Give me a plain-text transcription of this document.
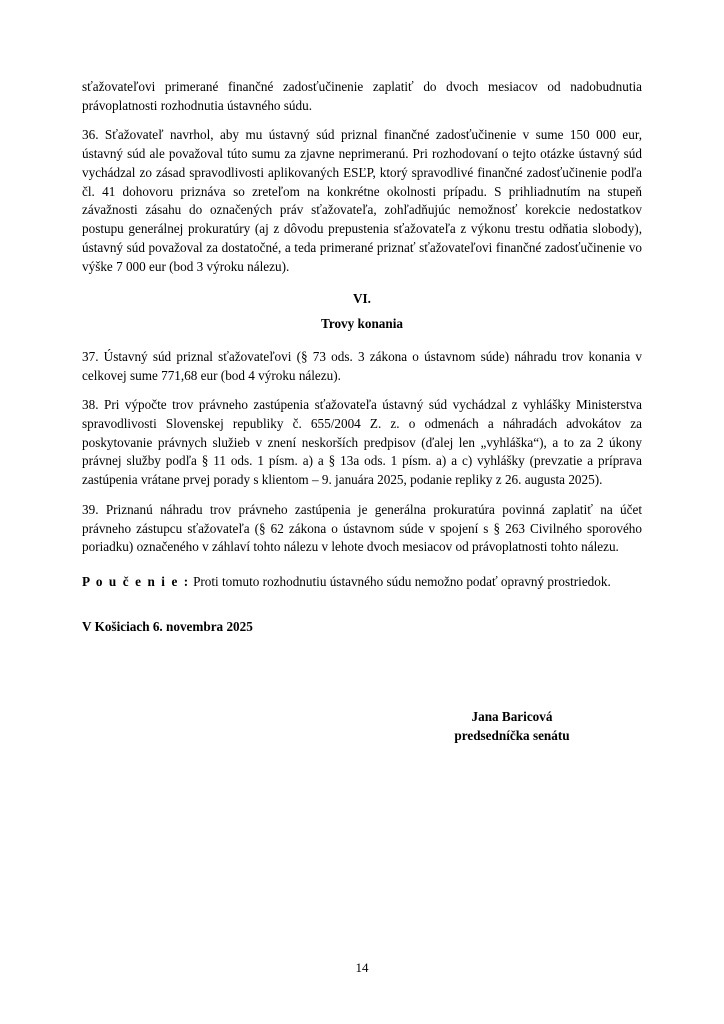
sťažovateľovi primerané finančné zadosťučinenie zaplatiť do dvoch mesiacov od nadobudnutia právoplatnosti rozhodnutia ústavného súdu.

36. Sťažovateľ navrhol, aby mu ústavný súd priznal finančné zadosťučinenie v sume 150 000 eur, ústavný súd ale považoval túto sumu za zjavne neprimeranú. Pri rozhodovaní o tejto otázke ústavný súd vychádzal zo zásad spravodlivosti aplikovaných ESĽP, ktorý spravodlivé finančné zadosťučinenie podľa čl. 41 dohovoru priznáva so zreteľom na konkrétne okolnosti prípadu. S prihliadnutím na stupeň závažnosti zásahu do označených práv sťažovateľa, zohľadňujúc nemožnosť korekcie nedostatkov postupu generálnej prokuratúry (aj z dôvodu prepustenia sťažovateľa z výkonu trestu odňatia slobody), ústavný súd považoval za dostatočné, a teda primerané priznať sťažovateľovi finančné zadosťučinenie vo výške 7 000 eur (bod 3 výroku nálezu).

VI.

Trovy konania

37. Ústavný súd priznal sťažovateľovi (§ 73 ods. 3 zákona o ústavnom súde) náhradu trov konania v celkovej sume 771,68 eur (bod 4 výroku nálezu).

38. Pri výpočte trov právneho zastúpenia sťažovateľa ústavný súd vychádzal z vyhlášky Ministerstva spravodlivosti Slovenskej republiky č. 655/2004 Z. z. o odmenách a náhradách advokátov za poskytovanie právnych služieb v znení neskorších predpisov (ďalej len „vyhláška“), a to za 2 úkony právnej služby podľa § 11 ods. 1 písm. a) a § 13a ods. 1 písm. a) a c) vyhlášky (prevzatie a príprava zastúpenia vrátane prvej porady s klientom – 9. januára 2025, podanie repliky z 26. augusta 2025).

39. Priznanú náhradu trov právneho zastúpenia je generálna prokuratúra povinná zaplatiť na účet právneho zástupcu sťažovateľa (§ 62 zákona o ústavnom súde v spojení s § 263 Civilného sporového poriadku) označeného v záhlaví tohto nálezu v lehote dvoch mesiacov od právoplatnosti tohto nálezu.

P o u č e n i e : Proti tomuto rozhodnutiu ústavného súdu nemožno podať opravný prostriedok.

V Košiciach 6. novembra 2025

Jana Baricová
predsedníčka senátu
14
